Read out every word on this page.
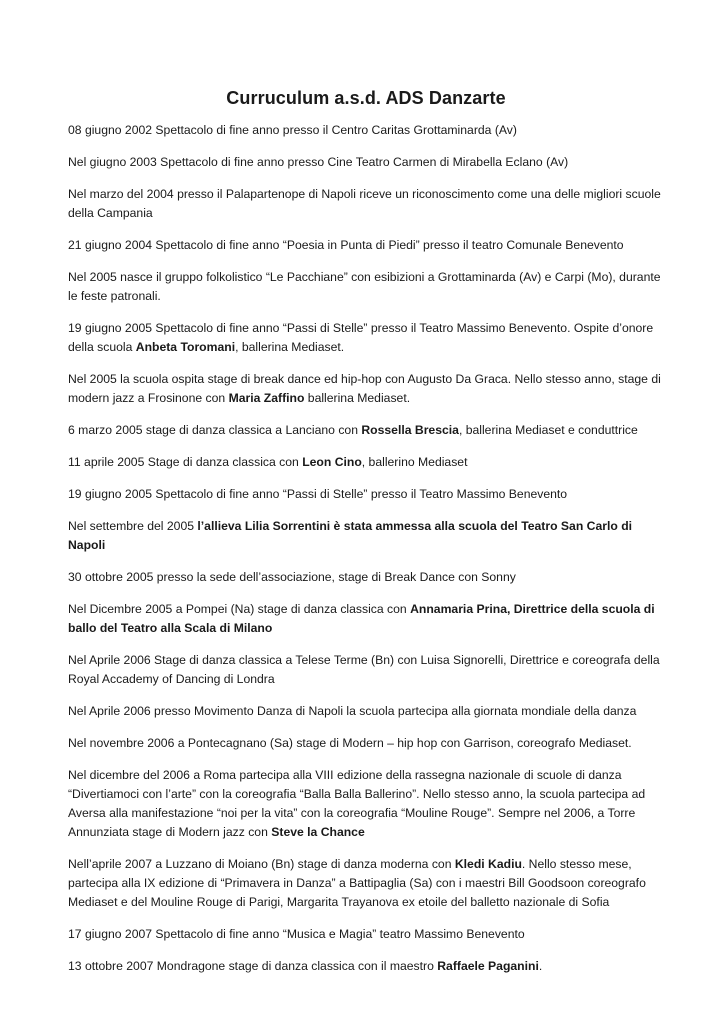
Curruculum a.s.d. ADS Danzarte

08 giugno 2002 Spettacolo di fine anno presso il Centro Caritas Grottaminarda (Av)

Nel giugno 2003 Spettacolo di fine anno presso Cine Teatro Carmen di Mirabella Eclano (Av)

Nel marzo del 2004 presso il Palapartenope di Napoli riceve un riconoscimento come una delle migliori scuole della Campania

21 giugno 2004 Spettacolo di fine anno “Poesia in Punta di Piedi” presso il teatro Comunale Benevento

Nel 2005 nasce il gruppo folkolistico “Le Pacchiane” con esibizioni a Grottaminarda (Av) e Carpi (Mo), durante le feste patronali.

19 giugno 2005 Spettacolo di fine anno “Passi di Stelle” presso il Teatro Massimo Benevento. Ospite d’onore della scuola Anbeta Toromani, ballerina Mediaset.

Nel 2005 la scuola ospita stage di break dance ed hip-hop con Augusto Da Graca. Nello stesso anno, stage di modern jazz a Frosinone con Maria Zaffino ballerina Mediaset.

6 marzo 2005 stage di danza classica a Lanciano con Rossella Brescia, ballerina Mediaset e conduttrice

11 aprile 2005 Stage di danza classica con Leon Cino, ballerino Mediaset

19 giugno 2005 Spettacolo di fine anno “Passi di Stelle” presso il Teatro Massimo Benevento

Nel settembre del 2005 l’allieva Lilia Sorrentini è stata ammessa alla scuola del Teatro San Carlo di Napoli

30 ottobre 2005 presso la sede dell’associazione, stage di Break Dance con Sonny

Nel Dicembre 2005 a Pompei (Na) stage di danza classica con Annamaria Prina, Direttrice della scuola di ballo del Teatro alla Scala di Milano

Nel Aprile 2006 Stage di danza classica a Telese Terme (Bn) con Luisa Signorelli, Direttrice e coreografa della Royal Accademy of Dancing di Londra

Nel Aprile 2006 presso Movimento Danza di Napoli la scuola partecipa alla giornata mondiale della danza

Nel novembre 2006 a Pontecagnano (Sa) stage di Modern – hip hop con Garrison, coreografo Mediaset.

Nel dicembre del 2006 a Roma partecipa alla VIII edizione della rassegna nazionale di scuole di danza “Divertiamoci con l’arte” con la coreografia “Balla Balla Ballerino”. Nello stesso anno, la scuola partecipa ad Aversa alla manifestazione “noi per la vita” con la coreografia “Mouline Rouge”. Sempre nel 2006, a Torre Annunziata stage di Modern jazz con Steve la Chance

Nell’aprile 2007 a Luzzano di Moiano (Bn) stage di danza moderna con Kledi Kadiu. Nello stesso mese, partecipa alla IX edizione di “Primavera in Danza” a Battipaglia (Sa) con i maestri Bill Goodsoon coreografo Mediaset e del Mouline Rouge di Parigi, Margarita Trayanova ex etoile del balletto nazionale di Sofia

17 giugno 2007 Spettacolo di fine anno “Musica e Magia” teatro Massimo Benevento

13 ottobre 2007 Mondragone stage di danza classica con il maestro Raffaele Paganini.
